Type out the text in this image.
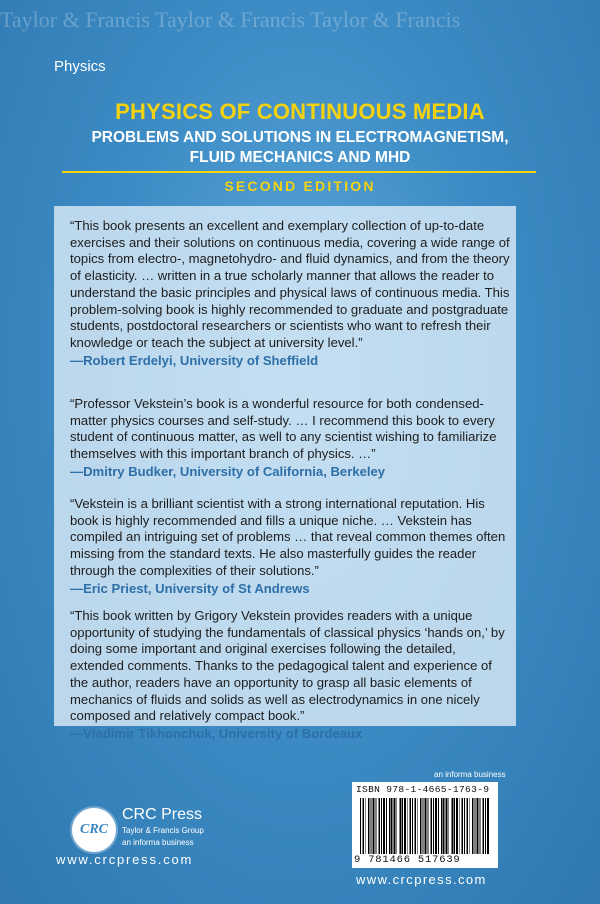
Taylor & Francis Taylor & Francis Taylor & Francis
Physics
PHYSICS OF CONTINUOUS MEDIA
PROBLEMS AND SOLUTIONS IN ELECTROMAGNETISM,
FLUID MECHANICS AND MHD
SECOND EDITION

“This book presents an excellent and exemplary collection of up-to-date exercises and their solutions on continuous media, covering a wide range of topics from electro-, magnetohydro- and fluid dynamics, and from the theory of elasticity. … written in a true scholarly manner that allows the reader to understand the basic principles and physical laws of continuous media. This problem-solving book is highly recommended to graduate and postgraduate students, postdoctoral researchers or scientists who want to refresh their knowledge or teach the subject at university level.”

—Robert Erdelyi, University of Sheffield

“Professor Vekstein’s book is a wonderful resource for both condensed-matter physics courses and self-study. … I recommend this book to every student of continuous matter, as well to any scientist wishing to familiarize themselves with this important branch of physics. …”

—Dmitry Budker, University of California, Berkeley

“Vekstein is a brilliant scientist with a strong international reputation. His book is highly recommended and fills a unique niche. … Vekstein has compiled an intriguing set of problems … that reveal common themes often missing from the standard texts. He also masterfully guides the reader through the complexities of their solutions.”

—Eric Priest, University of St Andrews

“This book written by Grigory Vekstein provides readers with a unique opportunity of studying the fundamentals of classical physics ‘hands on,’ by doing some important and original exercises following the detailed, extended comments. Thanks to the pedagogical talent and experience of the author, readers have an opportunity to grasp all basic elements of mechanics of fluids and solids as well as electrodynamics in one nicely composed and relatively compact book.”

—Vladimir Tikhonchuk, University of Bordeaux
CRC
CRC Press
Taylor & Francis Group
an informa business
www.crcpress.com
an informa business
ISBN 978-1-4665-1763-9
9 781466 517639
www.crcpress.com
